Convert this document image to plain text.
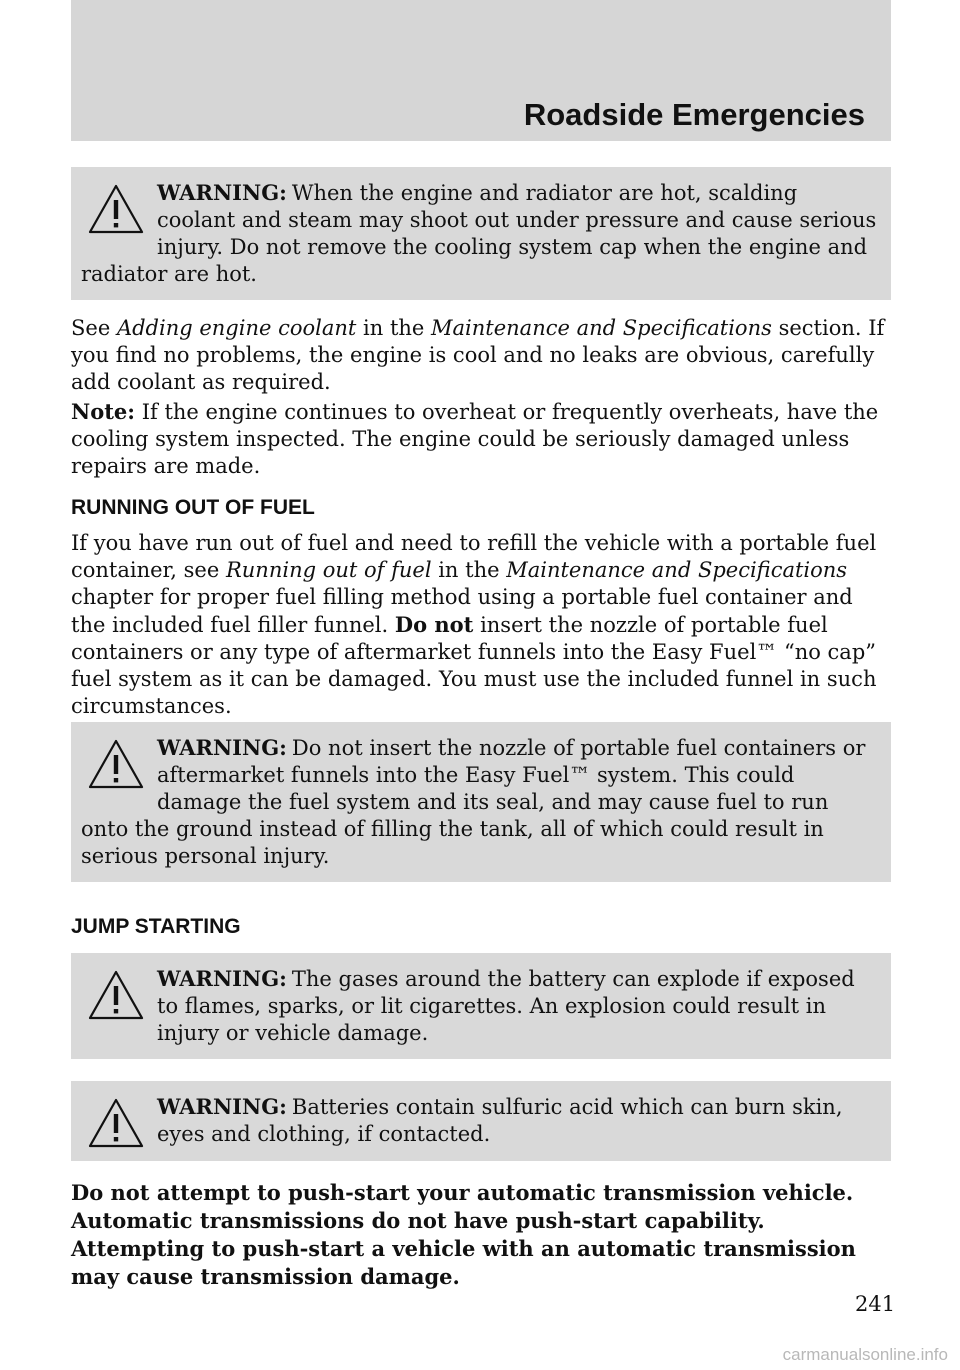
Roadside Emergencies
WARNING: When the engine and radiator are hot, scalding coolant and steam may shoot out under pressure and cause serious injury. Do not remove the cooling system cap when the engine and radiator are hot.
See Adding engine coolant in the Maintenance and Specifications section. If you find no problems, the engine is cool and no leaks are obvious, carefully add coolant as required.
Note: If the engine continues to overheat or frequently overheats, have the cooling system inspected. The engine could be seriously damaged unless repairs are made.
RUNNING OUT OF FUEL
If you have run out of fuel and need to refill the vehicle with a portable fuel container, see Running out of fuel in the Maintenance and Specifications chapter for proper fuel filling method using a portable fuel container and the included fuel filler funnel. Do not insert the nozzle of portable fuel containers or any type of aftermarket funnels into the Easy Fuel™ “no cap” fuel system as it can be damaged. You must use the included funnel in such circumstances.
WARNING: Do not insert the nozzle of portable fuel containers or aftermarket funnels into the Easy Fuel™ system. This could damage the fuel system and its seal, and may cause fuel to run onto the ground instead of filling the tank, all of which could result in serious personal injury.
JUMP STARTING
WARNING: The gases around the battery can explode if exposed to flames, sparks, or lit cigarettes. An explosion could result in injury or vehicle damage.
WARNING: Batteries contain sulfuric acid which can burn skin, eyes and clothing, if contacted.
Do not attempt to push-start your automatic transmission vehicle. Automatic transmissions do not have push-start capability. Attempting to push-start a vehicle with an automatic transmission may cause transmission damage.
241
carmanualsonline.info
